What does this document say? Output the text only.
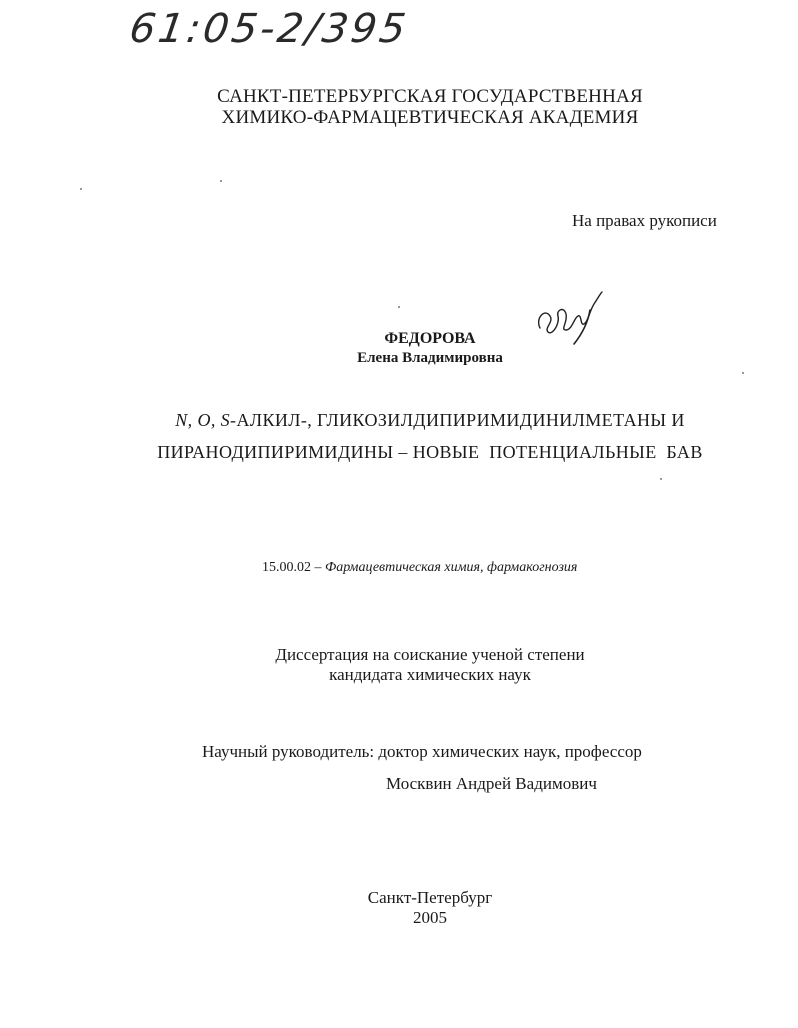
61:05-2/395
САНКТ-ПЕТЕРБУРГСКАЯ ГОСУДАРСТВЕННАЯ
ХИМИКО-ФАРМАЦЕВТИЧЕСКАЯ АКАДЕМИЯ
На правах рукописи
ФЕДОРОВА
Елена Владимировна
N, O, S-АЛКИЛ-, ГЛИКОЗИЛДИПИРИМИДИНИЛМЕТАНЫ И
ПИРАНОДИПИРИМИДИНЫ – НОВЫЕ  ПОТЕНЦИАЛЬНЫЕ  БАВ
15.00.02 – Фармацевтическая химия, фармакогнозия
Диссертация на соискание ученой степени
кандидата химических наук
Научный руководитель: доктор химических наук, профессор
Москвин Андрей Вадимович
Санкт-Петербург
2005
